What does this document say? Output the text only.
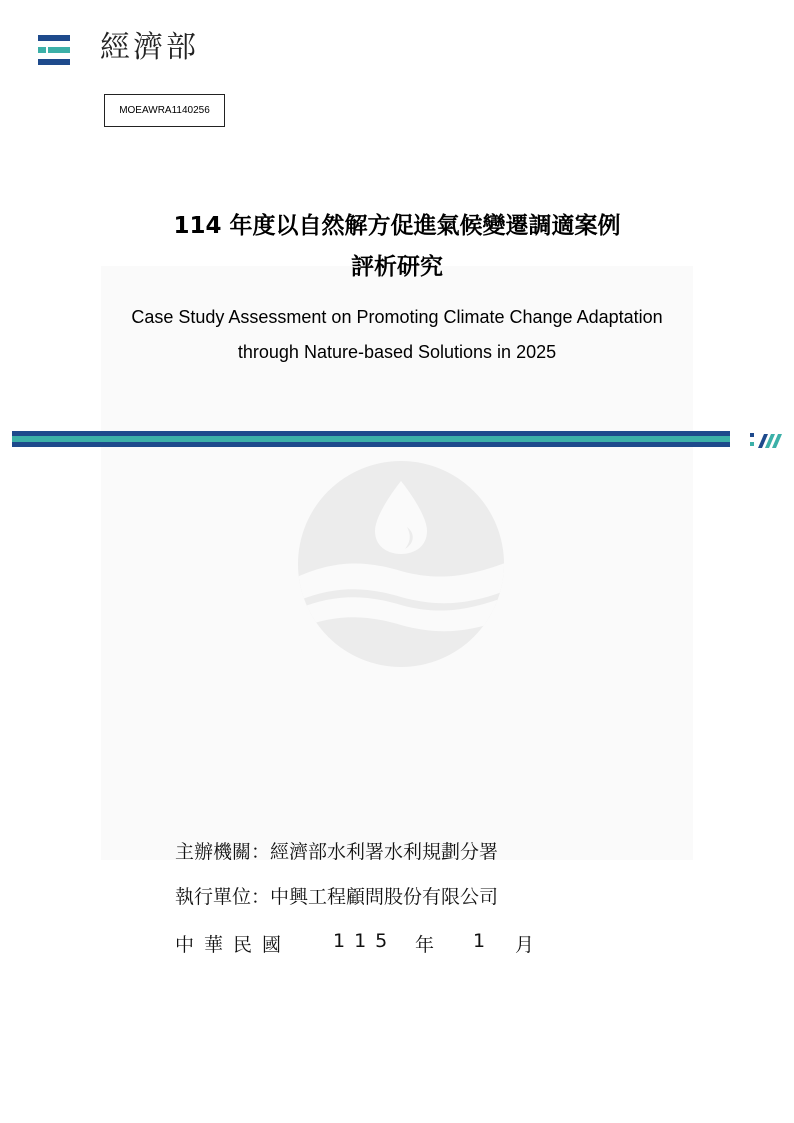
經濟部
MOEAWRA1140256
114 年度以自然解方促進氣候變遷調適案例
評析研究
Case Study Assessment on Promoting Climate Change Adaptation
through Nature-based Solutions in 2025
主辦機關：經濟部水利署水利規劃分署
執行單位：中興工程顧問股份有限公司
中華民國 115 年 1 月
